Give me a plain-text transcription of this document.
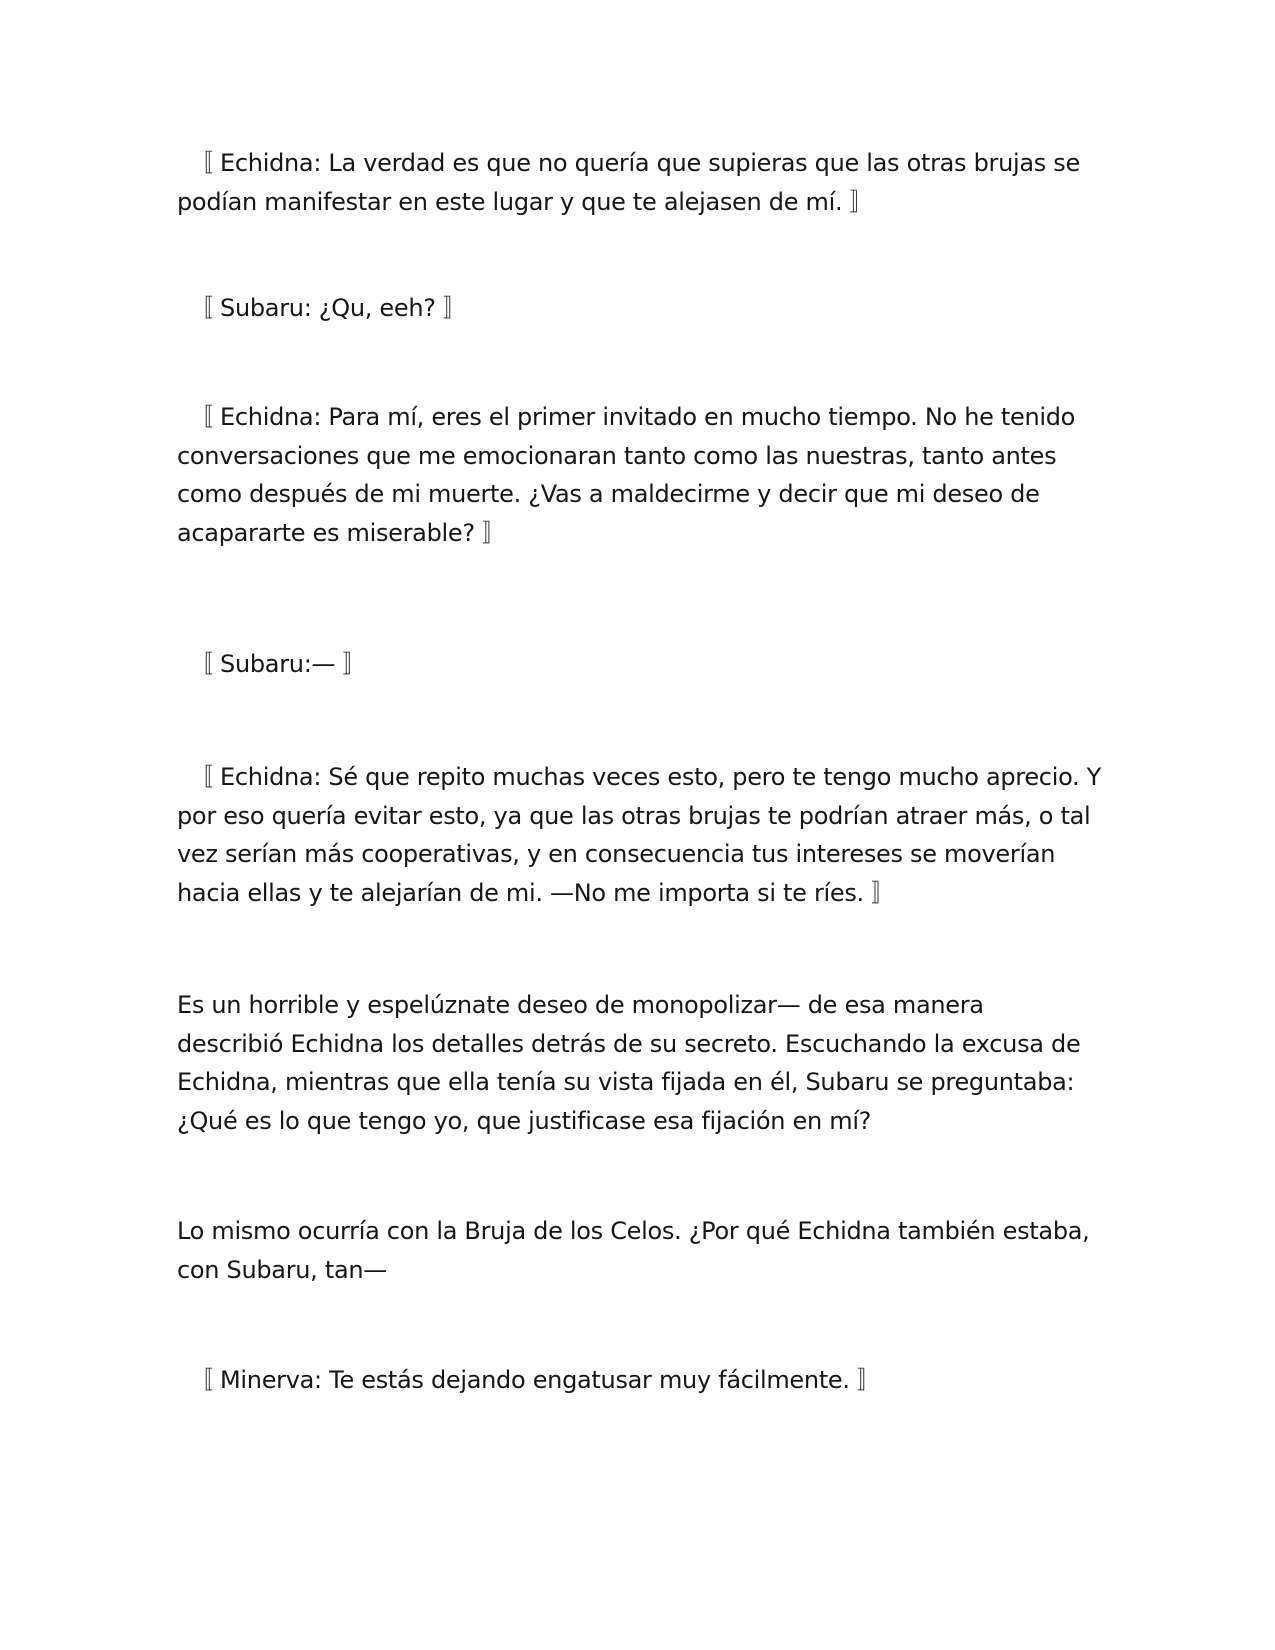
〚 Echidna: La verdad es que no quería que supieras que las otras brujas se
podían manifestar en este lugar y que te alejasen de mí. 〛

〚 Subaru: ¿Qu, eeh? 〛

〚 Echidna: Para mí, eres el primer invitado en mucho tiempo. No he tenido
conversaciones que me emocionaran tanto como las nuestras, tanto antes
como después de mi muerte. ¿Vas a maldecirme y decir que mi deseo de
acapararte es miserable? 〛

〚 Subaru:— 〛

〚 Echidna: Sé que repito muchas veces esto, pero te tengo mucho aprecio. Y
por eso quería evitar esto, ya que las otras brujas te podrían atraer más, o tal
vez serían más cooperativas, y en consecuencia tus intereses se moverían
hacia ellas y te alejarían de mi. —No me importa si te ríes. 〛

Es un horrible y espelúznate deseo de monopolizar— de esa manera
describió Echidna los detalles detrás de su secreto. Escuchando la excusa de
Echidna, mientras que ella tenía su vista fijada en él, Subaru se preguntaba:
¿Qué es lo que tengo yo, que justificase esa fijación en mí?

Lo mismo ocurría con la Bruja de los Celos. ¿Por qué Echidna también estaba,
con Subaru, tan—

〚 Minerva: Te estás dejando engatusar muy fácilmente. 〛
